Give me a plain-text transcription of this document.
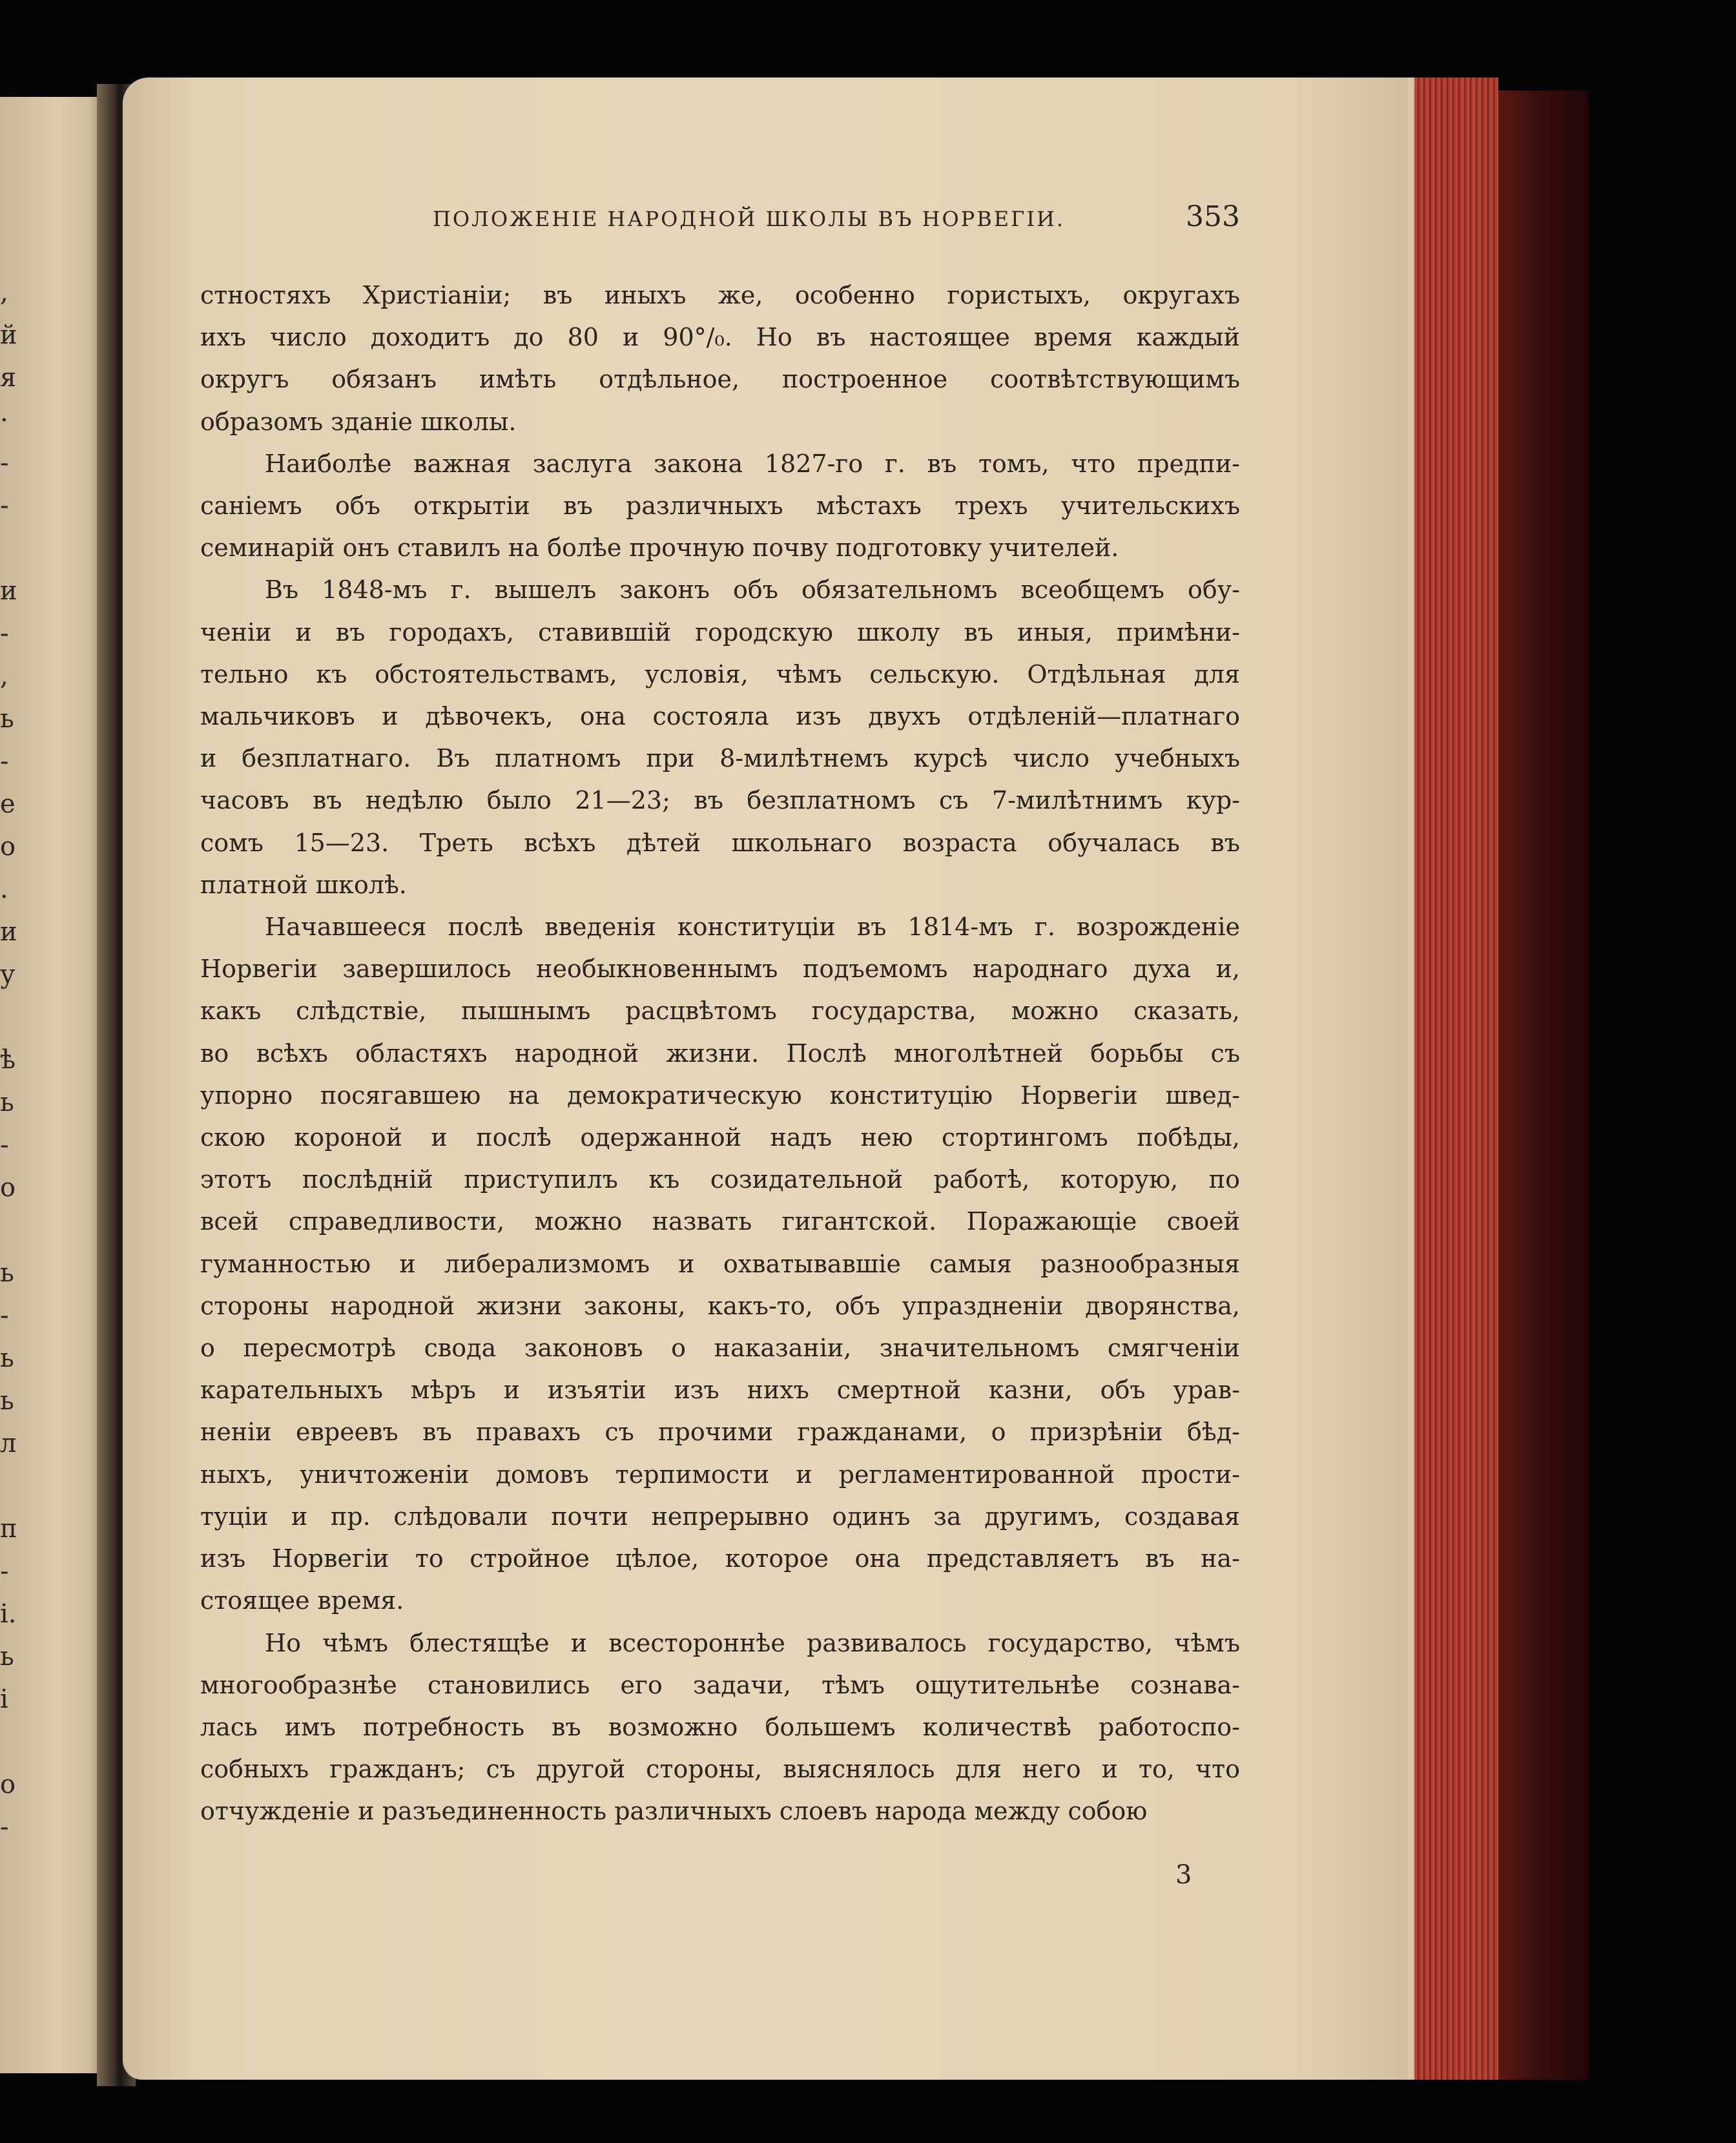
,
й
я
·
-
-
и
-
,
ь
-
е
о
.
и
у
ѣ
ь
-
о
ь
-
ь
ь
л
п
-
і.
ь
і
о
-
ПОЛОЖЕНІЕ НАРОДНОЙ ШКОЛЫ ВЪ НОРВЕГІИ.	353
стностяхъ Христіаніи; въ иныхъ же, особенно гористыхъ, округахъ
ихъ число доходитъ до 80 и 90°/₀. Но въ настоящее время каждый
округъ обязанъ имѣть отдѣльное, построенное соотвѣтствующимъ
образомъ зданіе школы.
Наиболѣе важная заслуга закона 1827-го г. въ томъ, что предпи-
саніемъ объ открытіи въ различныхъ мѣстахъ трехъ учительскихъ
семинарій онъ ставилъ на болѣе прочную почву подготовку учителей.
Въ 1848-мъ г. вышелъ законъ объ обязательномъ всеобщемъ обу-
ченіи и въ городахъ, ставившій городскую школу въ иныя, примѣни-
тельно къ обстоятельствамъ, условія, чѣмъ сельскую. Отдѣльная для
мальчиковъ и дѣвочекъ, она состояла изъ двухъ отдѣленій—платнаго
и безплатнаго. Въ платномъ при 8-милѣтнемъ курсѣ число учебныхъ
часовъ въ недѣлю было 21—23; въ безплатномъ съ 7-милѣтнимъ кур-
сомъ 15—23. Треть всѣхъ дѣтей школьнаго возраста обучалась въ
платной школѣ.
Начавшееся послѣ введенія конституціи въ 1814-мъ г. возрожденіе
Норвегіи завершилось необыкновеннымъ подъемомъ народнаго духа и,
какъ слѣдствіе, пышнымъ расцвѣтомъ государства, можно сказать,
во всѣхъ областяхъ народной жизни. Послѣ многолѣтней борьбы съ
упорно посягавшею на демократическую конституцію Норвегіи швед-
скою короной и послѣ одержанной надъ нею стортингомъ побѣды,
этотъ послѣдній приступилъ къ созидательной работѣ, которую, по
всей справедливости, можно назвать гигантской. Поражающіе своей
гуманностью и либерализмомъ и охватывавшіе самыя разнообразныя
стороны народной жизни законы, какъ-то, объ упраздненіи дворянства,
о пересмотрѣ свода законовъ о наказаніи, значительномъ смягченіи
карательныхъ мѣръ и изъятіи изъ нихъ смертной казни, объ урав-
неніи евреевъ въ правахъ съ прочими гражданами, о призрѣніи бѣд-
ныхъ, уничтоженіи домовъ терпимости и регламентированной прости-
туціи и пр. слѣдовали почти непрерывно одинъ за другимъ, создавая
изъ Норвегіи то стройное цѣлое, которое она представляетъ въ на-
стоящее время.
Но чѣмъ блестящѣе и всестороннѣе развивалось государство, чѣмъ
многообразнѣе становились его задачи, тѣмъ ощутительнѣе сознава-
лась имъ потребность въ возможно большемъ количествѣ работоспо-
собныхъ гражданъ; съ другой стороны, выяснялось для него и то, что
отчужденіе и разъединенность различныхъ слоевъ народа между собою
3
